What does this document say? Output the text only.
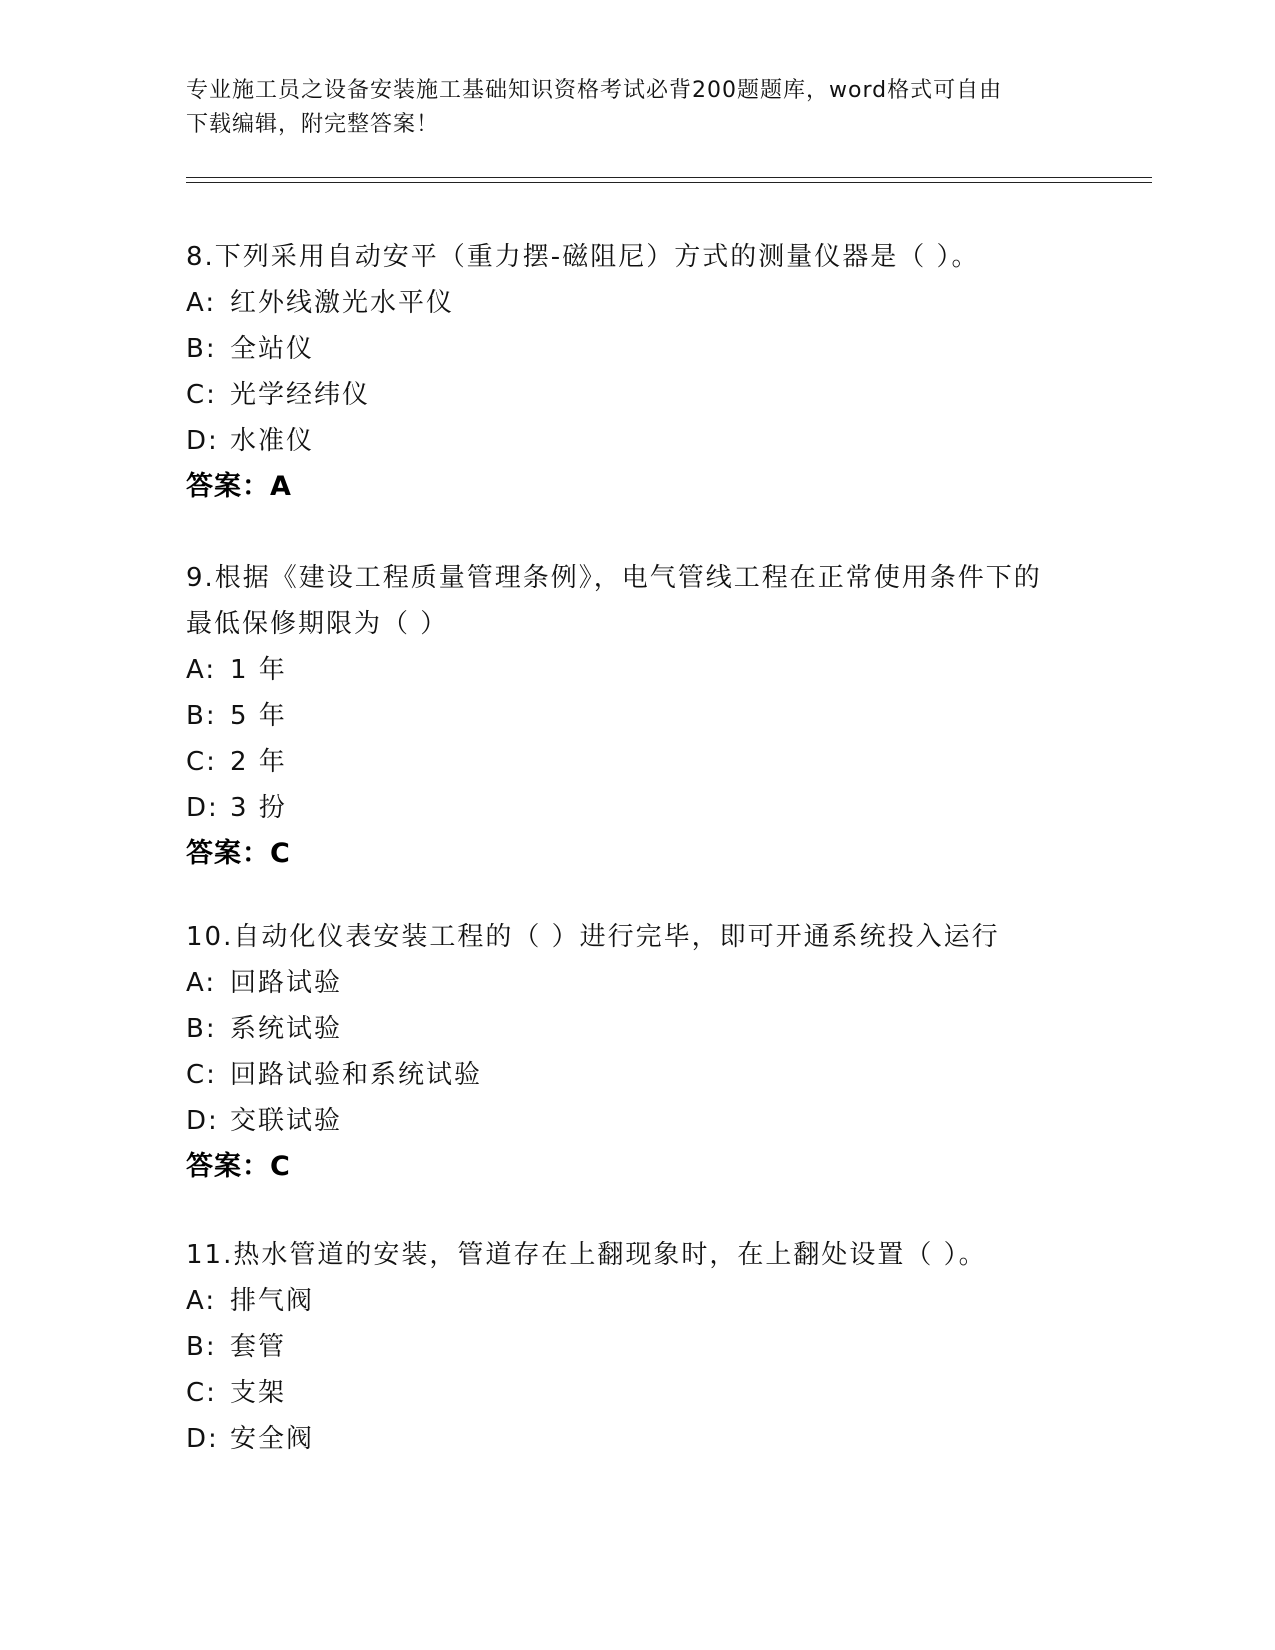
专业施工员之设备安装施工基础知识资格考试必背200题题库，word格式可自由
下载编辑，附完整答案！
8.下列采用自动安平（重力摆-磁阻尼）方式的测量仪器是（ ）。
A: 红外线激光水平仪
B: 全站仪
C: 光学经纬仪
D: 水准仪
答案：A
9.根据《建设工程质量管理条例》，电气管线工程在正常使用条件下的最低保修期限为（ ）
A: 1 年
B: 5 年
C: 2 年
D: 3 扮
答案：C
10.自动化仪表安装工程的（ ）进行完毕，即可开通系统投入运行
A: 回路试验
B: 系统试验
C: 回路试验和系统试验
D: 交联试验
答案：C
11.热水管道的安装，管道存在上翻现象时，在上翻处设置（ ）。
A: 排气阀
B: 套管
C: 支架
D: 安全阀
